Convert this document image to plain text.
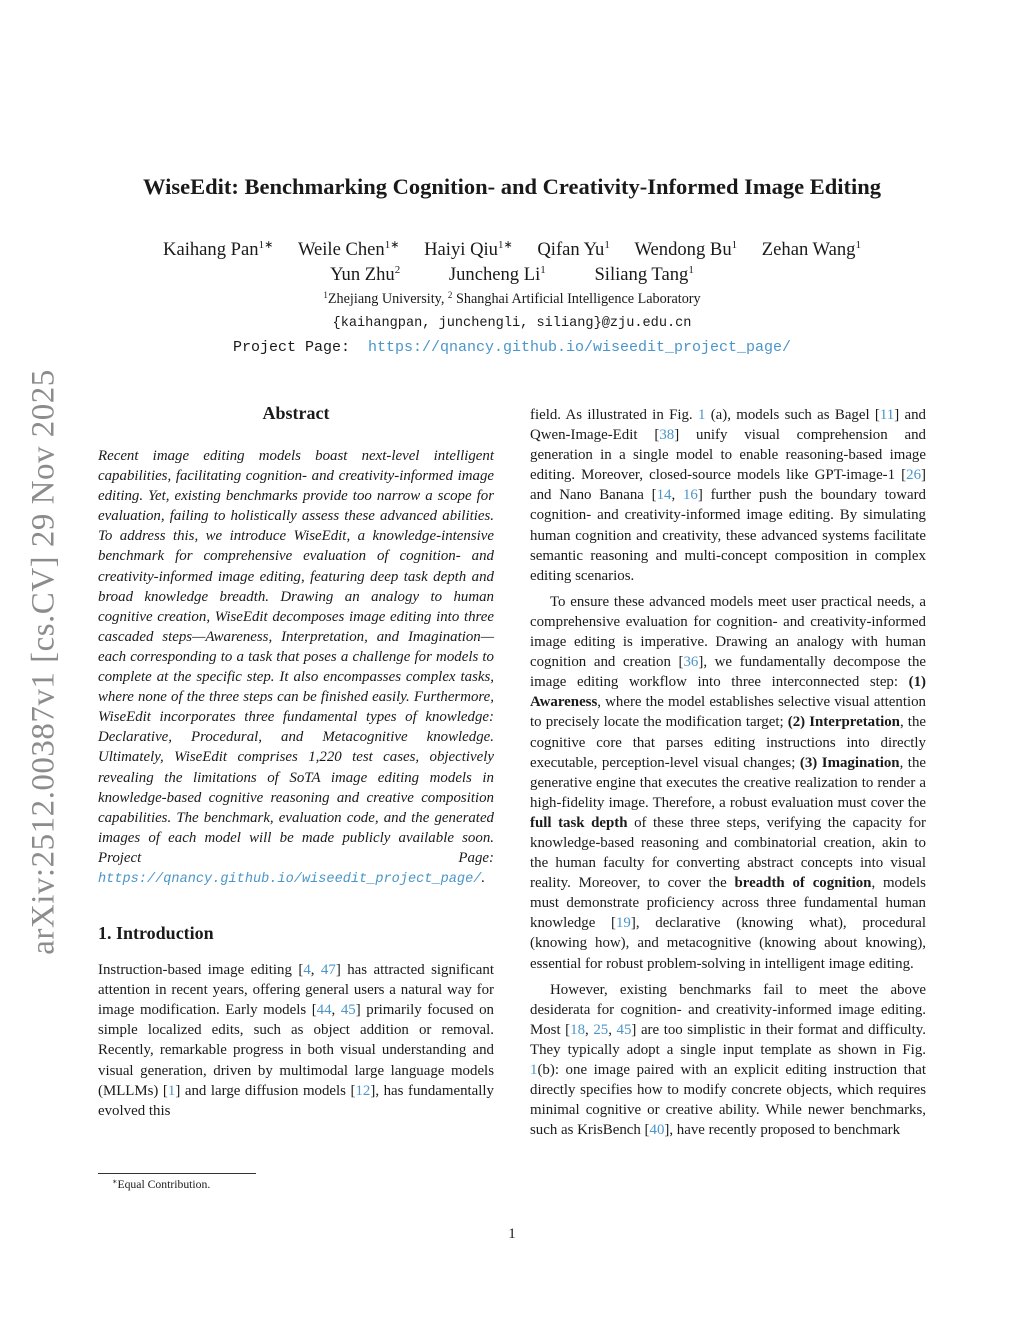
arXiv:2512.00387v1 [cs.CV] 29 Nov 2025
WiseEdit: Benchmarking Cognition- and Creativity-Informed Image Editing
Kaihang Pan$^{1∗}$ Weile Chen$^{1∗}$ Haiyi Qiu$^{1∗}$ Qifan Yu$^1$ Wendong Bu$^1$ Zehan Wang$^1$
Yun Zhu$^2$	Juncheng Li$^1$	Siliang Tang$^1$
$^1$Zhejiang University, $^2$ Shanghai Artificial Intelligence Laboratory
{kaihangpan, junchengli, siliang}@zju.edu.cn
Project Page:  https://qnancy.github.io/wiseedit_project_page/
Abstract

Recent image editing models boast next-level intelligent capabilities, facilitating cognition- and creativity-informed image editing. Yet, existing benchmarks provide too narrow a scope for evaluation, failing to holistically assess these advanced abilities. To address this, we introduce WiseEdit, a knowledge-intensive benchmark for comprehensive evaluation of cognition- and creativity-informed image editing, featuring deep task depth and broad knowledge breadth. Drawing an analogy to human cognitive creation, WiseEdit decomposes image editing into three cascaded steps—Awareness, Interpretation, and Imagination—each corresponding to a task that poses a challenge for models to complete at the specific step. It also encompasses complex tasks, where none of the three steps can be finished easily. Furthermore, WiseEdit incorporates three fundamental types of knowledge: Declarative, Procedural, and Metacognitive knowledge. Ultimately, WiseEdit comprises 1,220 test cases, objectively revealing the limitations of SoTA image editing models in knowledge-based cognitive reasoning and creative composition capabilities. The benchmark, evaluation code, and the generated images of each model will be made publicly available soon. Project Page: https://qnancy.github.io/wiseedit_project_page/.

1. Introduction

Instruction-based image editing [4, 47] has attracted significant attention in recent years, offering general users a natural way for image modification. Early models [44, 45] primarily focused on simple localized edits, such as object addition or removal. Recently, remarkable progress in both visual understanding and visual generation, driven by multimodal large language models (MLLMs) [1] and large diffusion models [12], has fundamentally evolved this

∗Equal Contribution.

field. As illustrated in Fig. 1 (a), models such as Bagel [11] and Qwen-Image-Edit [38] unify visual comprehension and generation in a single model to enable reasoning-based image editing. Moreover, closed-source models like GPT-image-1 [26] and Nano Banana [14, 16] further push the boundary toward cognition- and creativity-informed image editing. By simulating human cognition and creativity, these advanced systems facilitate semantic reasoning and multi-concept composition in complex editing scenarios.

To ensure these advanced models meet user practical needs, a comprehensive evaluation for cognition- and creativity-informed image editing is imperative. Drawing an analogy with human cognition and creation [36], we fundamentally decompose the image editing workflow into three interconnected step: (1) Awareness, where the model establishes selective visual attention to precisely locate the modification target; (2) Interpretation, the cognitive core that parses editing instructions into directly executable, perception-level visual changes; (3) Imagination, the generative engine that executes the creative realization to render a high-fidelity image. Therefore, a robust evaluation must cover the full task depth of these three steps, verifying the capacity for knowledge-based reasoning and combinatorial creation, akin to the human faculty for converting abstract concepts into visual reality. Moreover, to cover the breadth of cognition, models must demonstrate proficiency across three fundamental human knowledge [19], declarative (knowing what), procedural (knowing how), and metacognitive (knowing about knowing), essential for robust problem-solving in intelligent image editing.

However, existing benchmarks fail to meet the above desiderata for cognition- and creativity-informed image editing. Most [18, 25, 45] are too simplistic in their format and difficulty. They typically adopt a single input template as shown in Fig. 1(b): one image paired with an explicit editing instruction that directly specifies how to modify concrete objects, which requires minimal cognitive or creative ability. While newer benchmarks, such as KrisBench [40], have recently proposed to benchmark

1
